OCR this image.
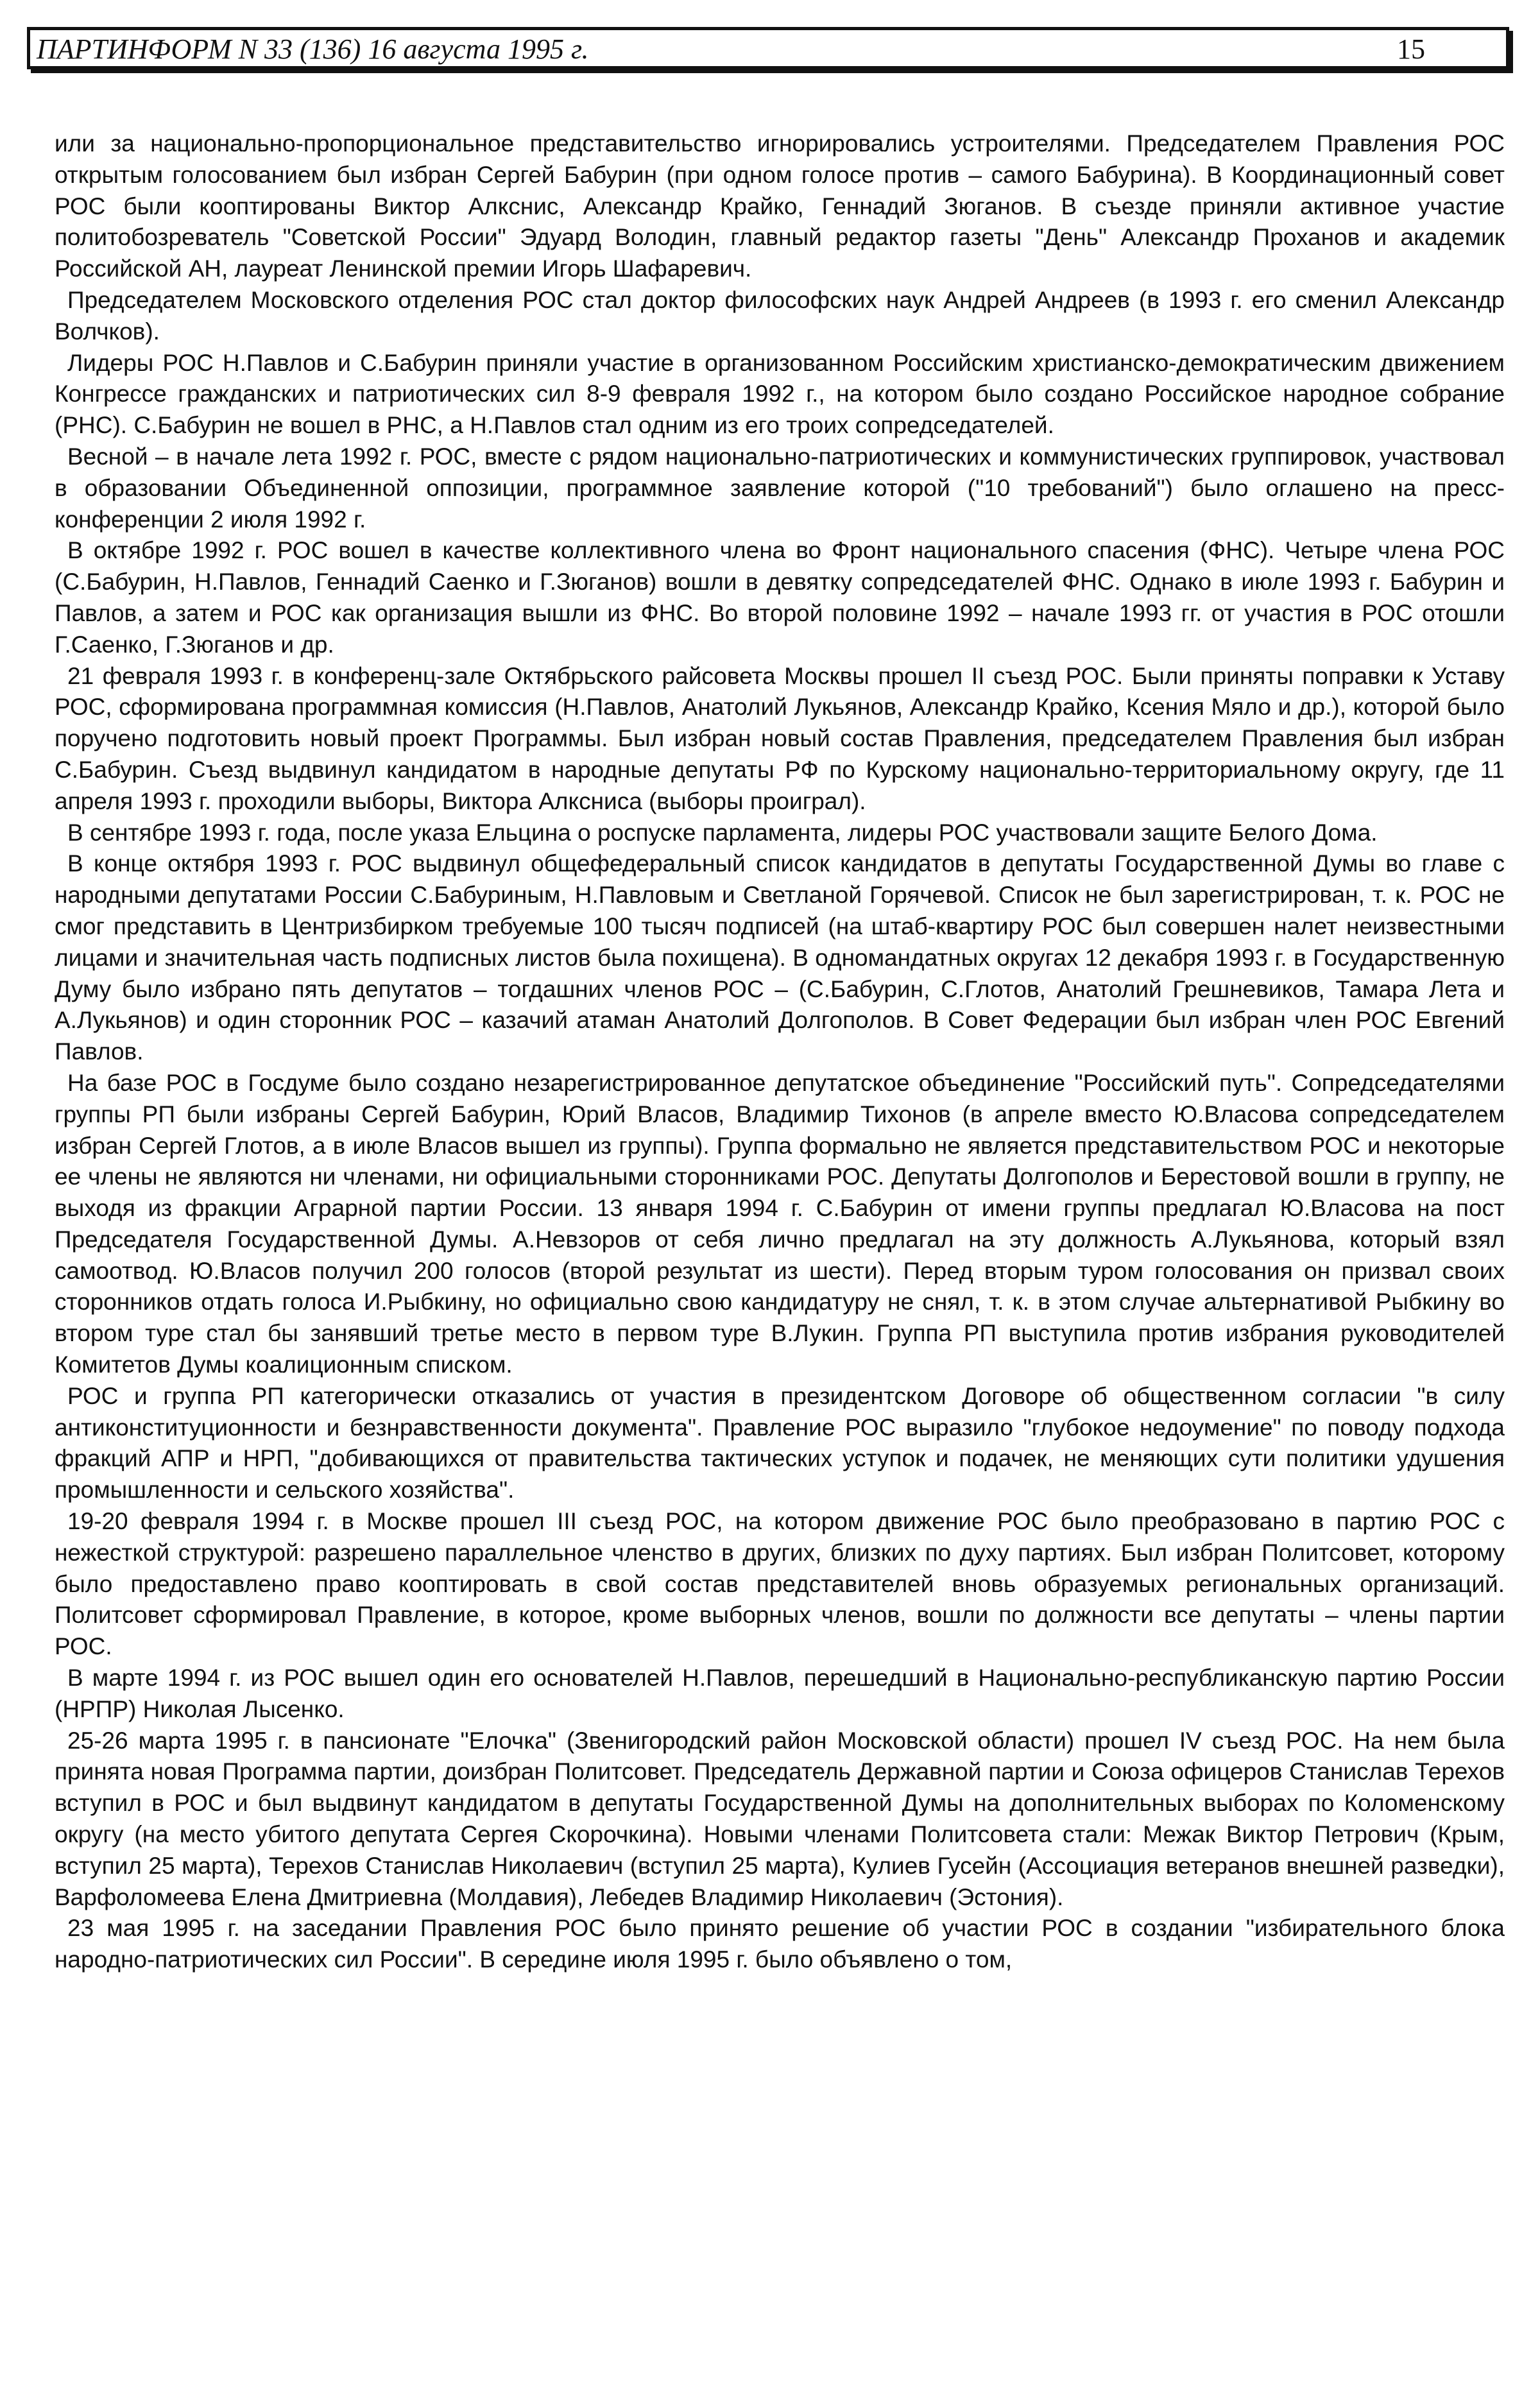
ПАРТИНФОРМ N 33 (136) 16 августа 1995 г.	15

или за национально-пропорциональное представительство игнорировались устроителями. Председателем Правления РОС открытым голосованием был избран Сергей Бабурин (при одном голосе против – самого Бабурина). В Координационный совет РОС были кооптированы Виктор Алкснис, Александр Крайко, Геннадий Зюганов. В съезде приняли активное участие политобозреватель "Советской России" Эдуард Володин, главный редактор газеты "День" Александр Проханов и академик Российской АН, лауреат Ленинской премии Игорь Шафаревич.

Председателем Московского отделения РОС стал доктор философских наук Андрей Андреев (в 1993 г. его сменил Александр Волчков).

Лидеры РОС Н.Павлов и С.Бабурин приняли участие в организованном Российским христианско-демократическим движением Конгрессе гражданских и патриотических сил 8-9 февраля 1992 г., на котором было создано Российское народное собрание (РНС). С.Бабурин не вошел в РНС, а Н.Павлов стал одним из его троих сопредседателей.

Весной – в начале лета 1992 г. РОС, вместе с рядом национально-патриотических и коммунистических группировок, участвовал в образовании Объединенной оппозиции, программное заявление которой ("10 требований") было оглашено на пресс-конференции 2 июля 1992 г.

В октябре 1992 г. РОС вошел в качестве коллективного члена во Фронт национального спасения (ФНС). Четыре члена РОС (С.Бабурин, Н.Павлов, Геннадий Саенко и Г.Зюганов) вошли в девятку сопредседателей ФНС. Однако в июле 1993 г. Бабурин и Павлов, а затем и РОС как организация вышли из ФНС. Во второй половине 1992 – начале 1993 гг. от участия в РОС отошли Г.Саенко, Г.Зюганов и др.

21 февраля 1993 г. в конференц-зале Октябрьского райсовета Москвы прошел II съезд РОС. Были приняты поправки к Уставу РОС, сформирована программная комиссия (Н.Павлов, Анатолий Лукьянов, Александр Крайко, Ксения Мяло и др.), которой было поручено подготовить новый проект Программы. Был избран новый состав Правления, председателем Правления был избран С.Бабурин. Съезд выдвинул кандидатом в народные депутаты РФ по Курскому национально-территориальному округу, где 11 апреля 1993 г. проходили выборы, Виктора Алксниса (выборы проиграл).

В сентябре 1993 г. года, после указа Ельцина о роспуске парламента, лидеры РОС участвовали защите Белого Дома.

В конце октября 1993 г. РОС выдвинул общефедеральный список кандидатов в депутаты Государственной Думы во главе с народными депутатами России С.Бабуриным, Н.Павловым и Светланой Горячевой. Список не был зарегистрирован, т. к. РОС не смог представить в Центризбирком требуемые 100 тысяч подписей (на штаб-квартиру РОС был совершен налет неизвестными лицами и значительная часть подписных листов была похищена). В одномандатных округах 12 декабря 1993 г. в Государственную Думу было избрано пять депутатов – тогдашних членов РОС – (С.Бабурин, С.Глотов, Анатолий Грешневиков, Тамара Лета и А.Лукьянов) и один сторонник РОС – казачий атаман Анатолий Долгополов. В Совет Федерации был избран член РОС Евгений Павлов.

На базе РОС в Госдуме было создано незарегистрированное депутатское объединение "Российский путь". Сопредседателями группы РП были избраны Сергей Бабурин, Юрий Власов, Владимир Тихонов (в апреле вместо Ю.Власова сопредседателем избран Сергей Глотов, а в июле Власов вышел из группы). Группа формально не является представительством РОС и некоторые ее члены не являются ни членами, ни официальными сторонниками РОС. Депутаты Долгополов и Берестовой вошли в группу, не выходя из фракции Аграрной партии России. 13 января 1994 г. С.Бабурин от имени группы предлагал Ю.Власова на пост Председателя Государственной Думы. А.Невзоров от себя лично предлагал на эту должность А.Лукьянова, который взял самоотвод. Ю.Власов получил 200 голосов (второй результат из шести). Перед вторым туром голосования он призвал своих сторонников отдать голоса И.Рыбкину, но официально свою кандидатуру не снял, т. к. в этом случае альтернативой Рыбкину во втором туре стал бы занявший третье место в первом туре В.Лукин. Группа РП выступила против избрания руководителей Комитетов Думы коалиционным списком.

РОС и группа РП категорически отказались от участия в президентском Договоре об общественном согласии "в силу антиконституционности и безнравственности документа". Правление РОС выразило "глубокое недоумение" по поводу подхода фракций АПР и НРП, "добивающихся от правительства тактических уступок и подачек, не меняющих сути политики удушения промышленности и сельского хозяйства".

19-20 февраля 1994 г. в Москве прошел III съезд РОС, на котором движение РОС было преобразовано в партию РОС с нежесткой структурой: разрешено параллельное членство в других, близких по духу партиях. Был избран Политсовет, которому было предоставлено право кооптировать в свой состав представителей вновь образуемых региональных организаций. Политсовет сформировал Правление, в которое, кроме выборных членов, вошли по должности все депутаты – члены партии РОС.

В марте 1994 г. из РОС вышел один его основателей Н.Павлов, перешедший в Национально-республиканскую партию России (НРПР) Николая Лысенко.

25-26 марта 1995 г. в пансионате "Елочка" (Звенигородский район Московской области) прошел IV съезд РОС. На нем была принята новая Программа партии, доизбран Политсовет. Председатель Державной партии и Союза офицеров Станислав Терехов вступил в РОС и был выдвинут кандидатом в депутаты Государственной Думы на дополнительных выборах по Коломенскому округу (на место убитого депутата Сергея Скорочкина). Новыми членами Политсовета стали: Межак Виктор Петрович (Крым, вступил 25 марта), Терехов Станислав Николаевич (вступил 25 марта), Кулиев Гусейн (Ассоциация ветеранов внешней разведки), Варфоломеева Елена Дмитриевна (Молдавия), Лебедев Владимир Николаевич (Эстония).

23 мая 1995 г. на заседании Правления РОС было принято решение об участии РОС в создании "избирательного блока народно-патриотических сил России". В середине июля 1995 г. было объявлено о том,
